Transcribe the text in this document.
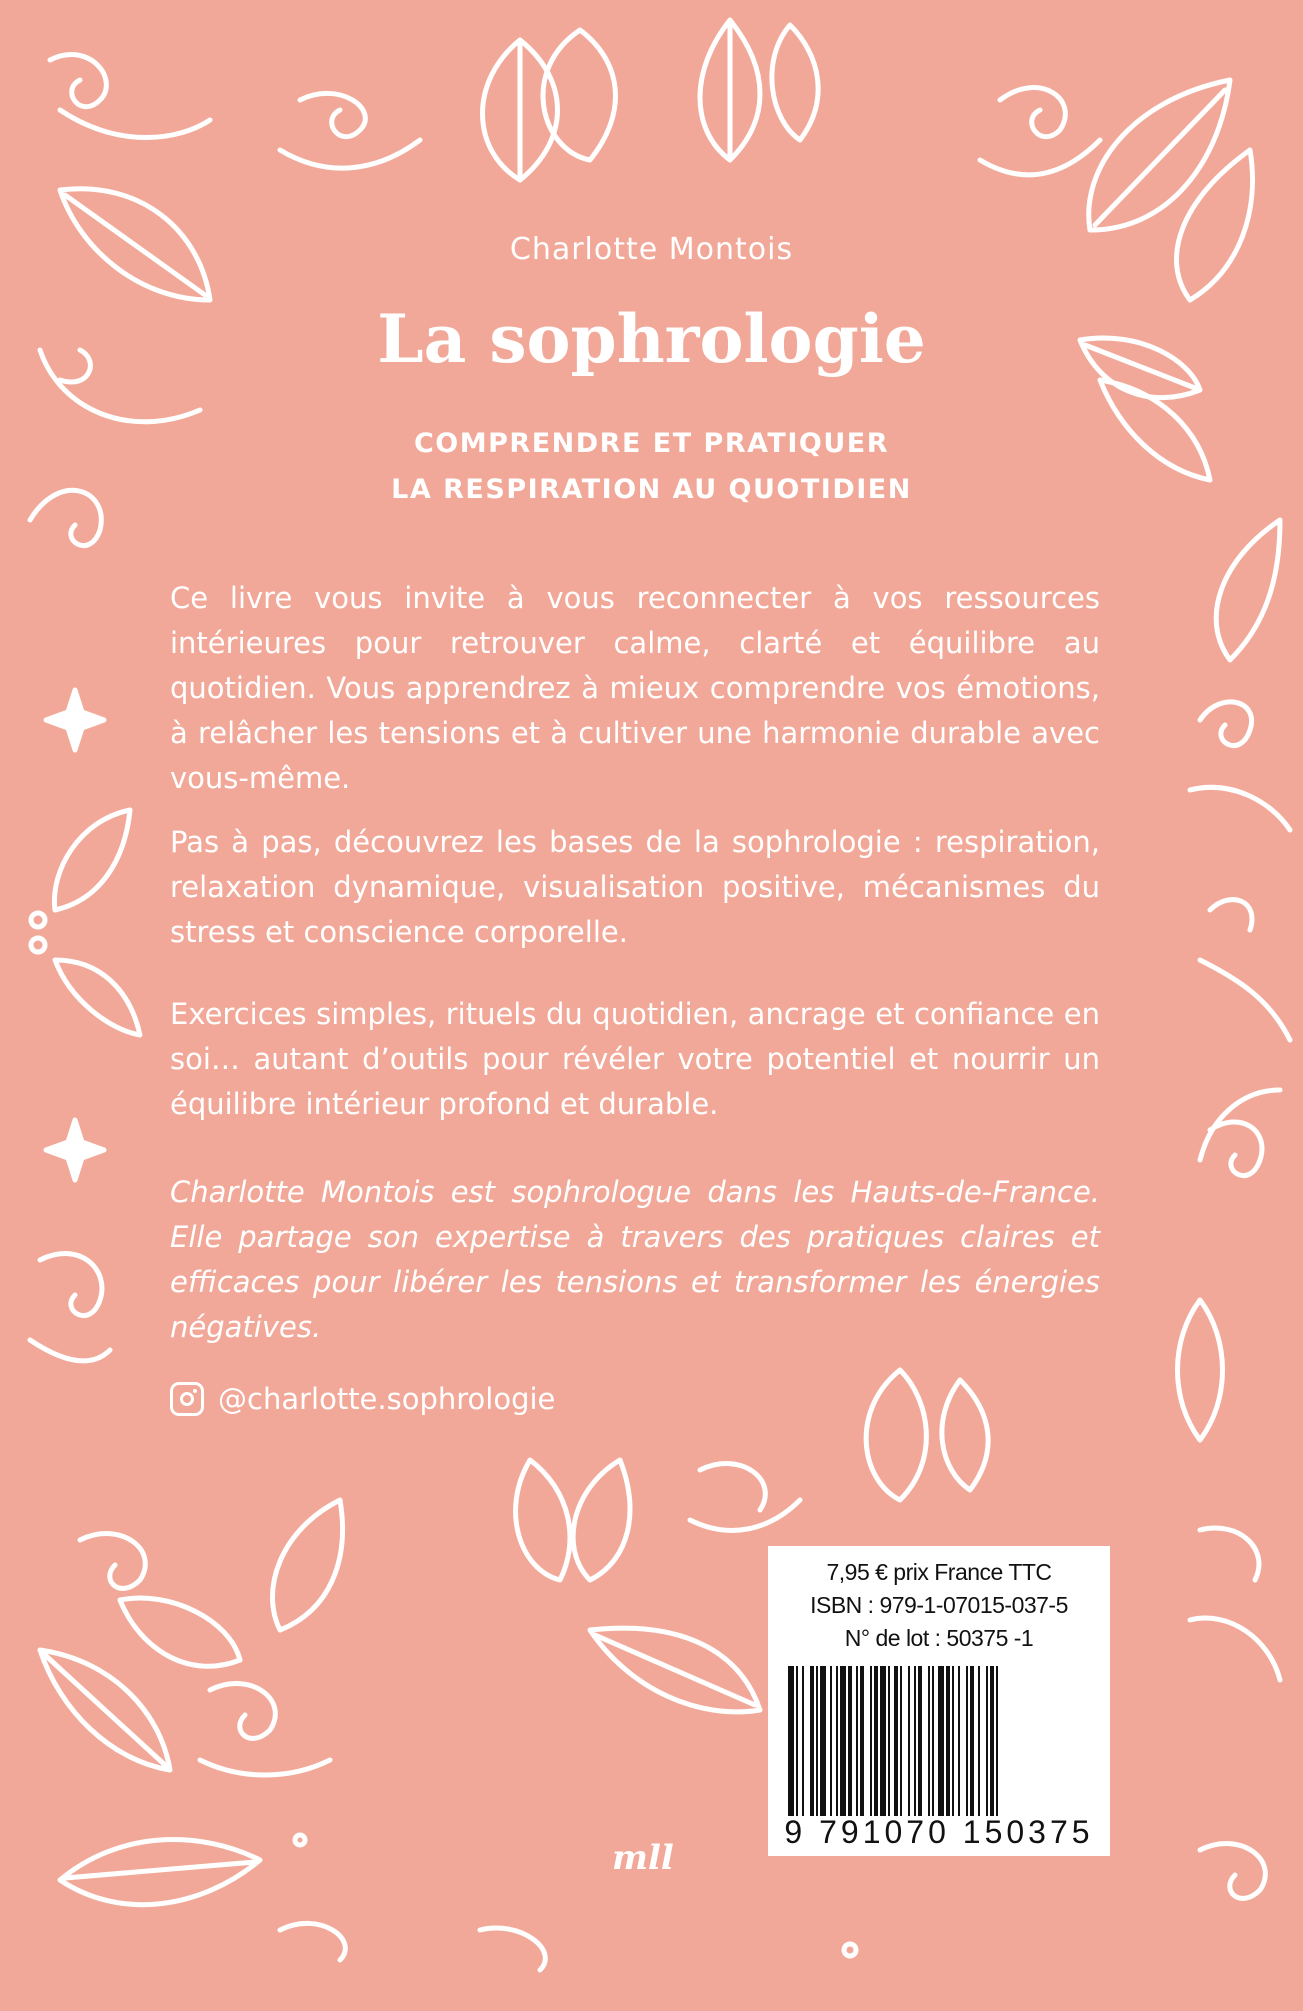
Charlotte Montois
La sophrologie
COMPRENDRE ET PRATIQUER
LA RESPIRATION AU QUOTIDIEN
Ce livre vous invite à vous reconnecter à vos ressources intérieures pour retrouver calme, clarté et équilibre au quotidien. Vous apprendrez à mieux comprendre vos émotions, à relâcher les tensions et à cultiver une harmonie durable avec vous-même.
Pas à pas, découvrez les bases de la sophrologie : respiration, relaxation dynamique, visualisation positive, mécanismes du stress et conscience corporelle.
Exercices simples, rituels du quotidien, ancrage et confiance en soi… autant d’outils pour révéler votre potentiel et nourrir un équilibre intérieur profond et durable.
Charlotte Montois est sophrologue dans les Hauts-de-France. Elle partage son expertise à travers des pratiques claires et efficaces pour libérer les tensions et transformer les énergies négatives.
@charlotte.sophrologie
7,95 € prix France TTC
ISBN : 979-1-07015-037-5
N° de lot : 50375 -1
9 791070 150375
mll
